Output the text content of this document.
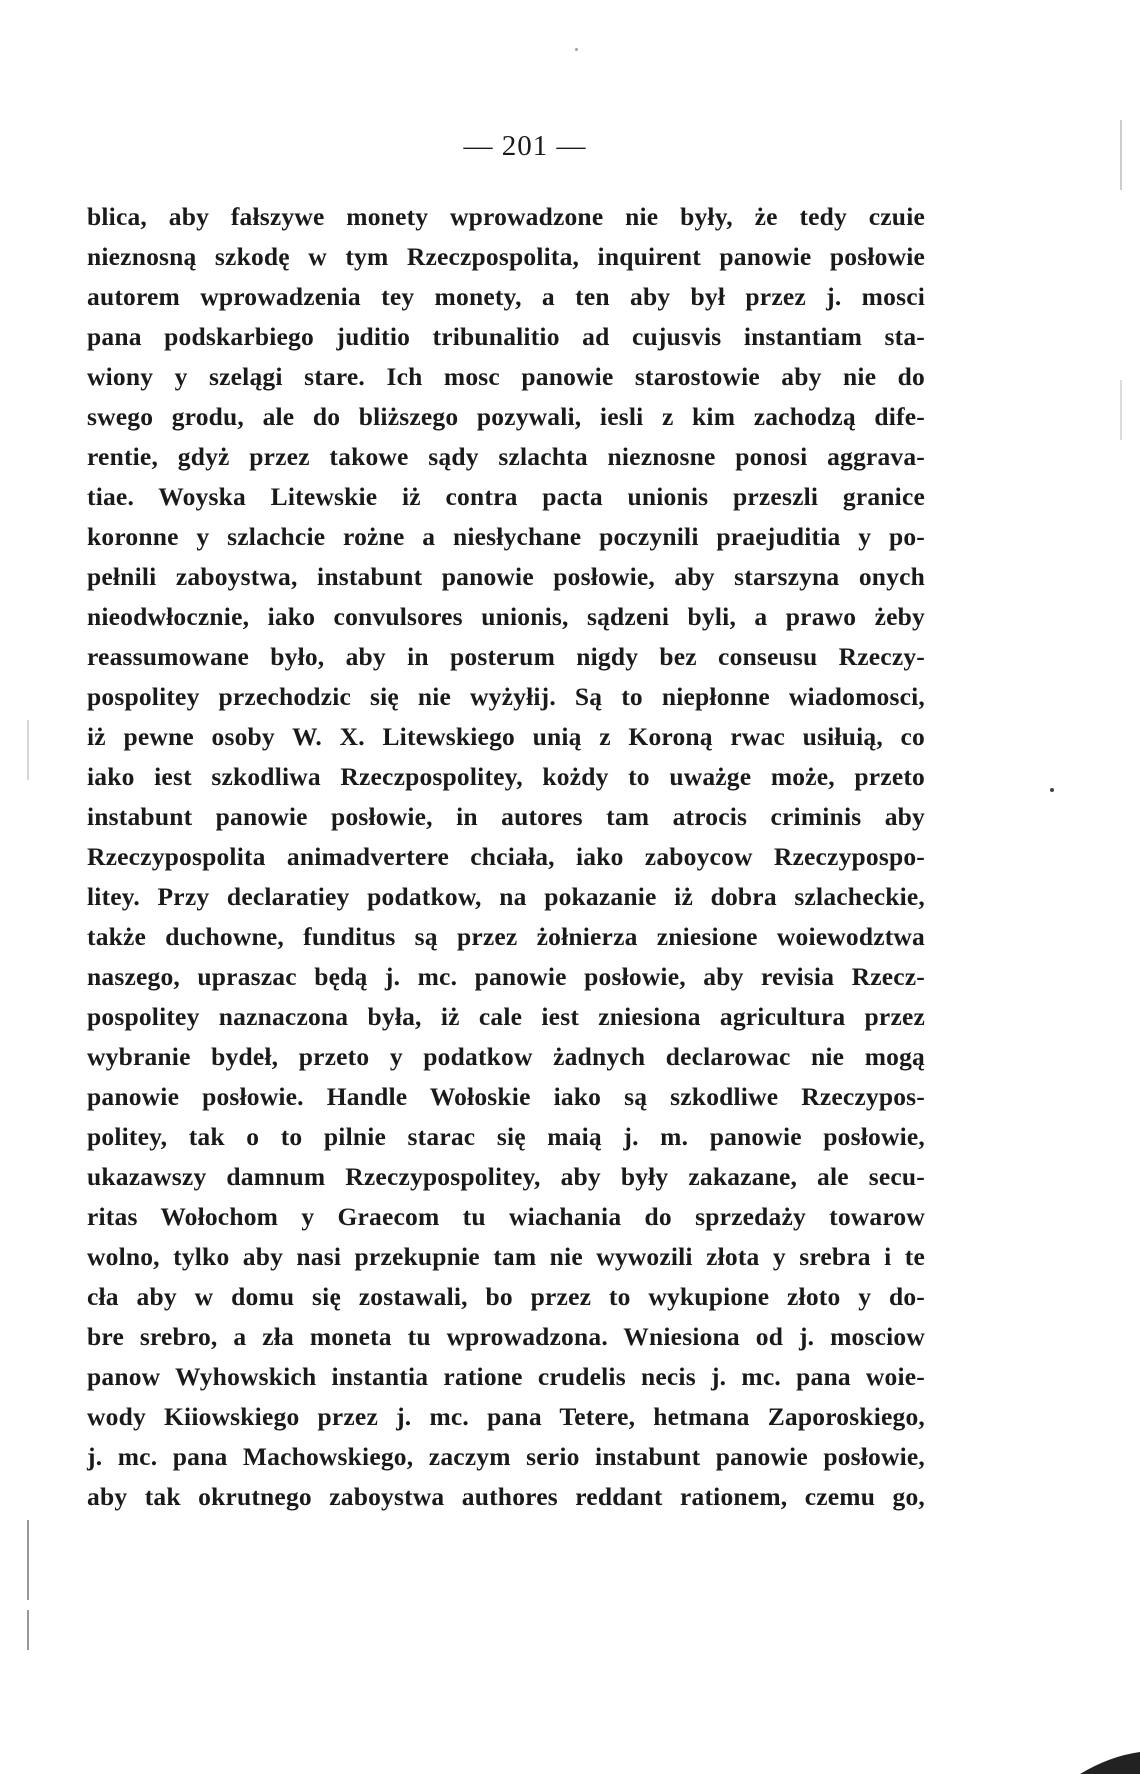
— 201 —
blica, aby fałszywe monety wprowadzone nie były, że tedy czuie
nieznosną szkodę w tym Rzeczpospolita, inquirent panowie posłowie
autorem wprowadzenia tey monety, a ten aby był przez j. mosci
pana podskarbiego juditio tribunalitio ad cujusvis instantiam sta-
wiony y szelągi stare. Ich mosc panowie starostowie aby nie do
swego grodu, ale do bliższego pozywali, iesli z kim zachodzą dife-
rentie, gdyż przez takowe sądy szlachta nieznosne ponosi aggrava-
tiae. Woyska Litewskie iż contra pacta unionis przeszli granice
koronne y szlachcie rożne a niesłychane poczynili praejuditia y po-
pełnili zaboystwa, instabunt panowie posłowie, aby starszyna onych
nieodwłocznie, iako convulsores unionis, sądzeni byli, a prawo żeby
reassumowane było, aby in posterum nigdy bez conseusu Rzeczy-
pospolitey przechodzic się nie wyżyłij. Są to niepłonne wiadomosci,
iż pewne osoby W. X. Litewskiego unią z Koroną rwac usiłuią, co
iako iest szkodliwa Rzeczpospolitey, kożdy to uważge może, przeto
instabunt panowie posłowie, in autores tam atrocis criminis aby
Rzeczypospolita animadvertere chciała, iako zaboycow Rzeczypospo-
litey. Przy declaratiey podatkow, na pokazanie iż dobra szlacheckie,
także duchowne, funditus są przez żołnierza zniesione woiewodztwa
naszego, upraszac będą j. mc. panowie posłowie, aby revisia Rzecz-
pospolitey naznaczona była, iż cale iest zniesiona agricultura przez
wybranie bydeł, przeto y podatkow żadnych declarowac nie mogą
panowie posłowie. Handle Wołoskie iako są szkodliwe Rzeczypos-
politey, tak o to pilnie starac się maią j. m. panowie posłowie,
ukazawszy damnum Rzeczypospolitey, aby były zakazane, ale secu-
ritas Wołochom y Graecom tu wiachania do sprzedaży towarow
wolno, tylko aby nasi przekupnie tam nie wywozili złota y srebra i te
cła aby w domu się zostawali, bo przez to wykupione złoto y do-
bre srebro, a zła moneta tu wprowadzona. Wniesiona od j. mosciow
panow Wyhowskich instantia ratione crudelis necis j. mc. pana woie-
wody Kiiowskiego przez j. mc. pana Tetere, hetmana Zaporoskiego,
j. mc. pana Machowskiego, zaczym serio instabunt panowie posłowie,
aby tak okrutnego zaboystwa authores reddant rationem, czemu go,
